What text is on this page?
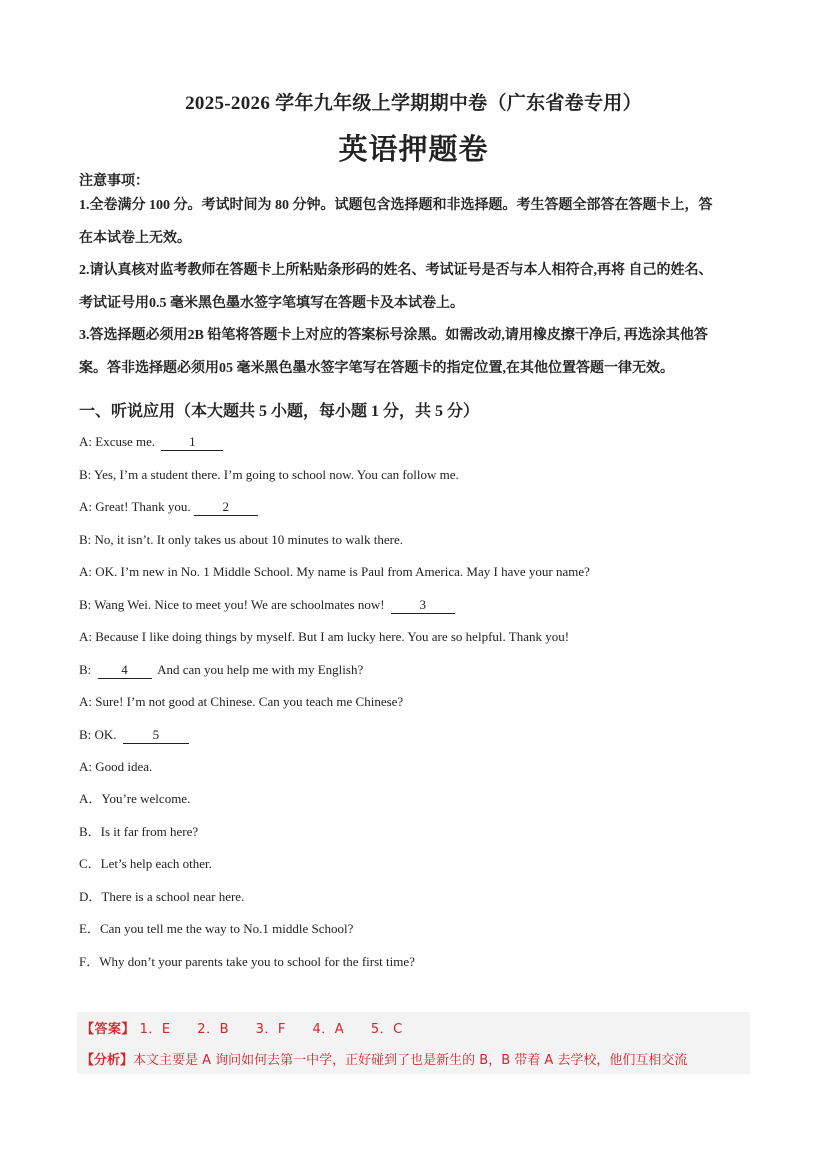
2025-2026 学年九年级上学期期中卷（广东省卷专用）
英语押题卷
注意事项：
1.全卷满分 100 分。考试时间为 80 分钟。试题包含选择题和非选择题。考生答题全部答在答题卡上，答
在本试卷上无效。
2.请认真核对监考教师在答题卡上所粘贴条形码的姓名、考试证号是否与本人相符合,再将 自己的姓名、
考试证号用0.5 毫米黑色墨水签字笔填写在答题卡及本试卷上。
3.答选择题必须用2B 铅笔将答题卡上对应的答案标号涂黑。如需改动,请用橡皮擦干净后, 再选涂其他答
案。答非选择题必须用05 毫米黑色墨水签字笔写在答题卡的指定位置,在其他位置答题一律无效。
一、听说应用（本大题共 5 小题，每小题 1 分，共 5 分）
A: Excuse me. 1
B: Yes, I’m a student there. I’m going to school now. You can follow me.
A: Great! Thank you. 2
B: No, it isn’t. It only takes us about 10 minutes to walk there.
A: OK. I’m new in No. 1 Middle School. My name is Paul from America. May I have your name?
B: Wang Wei. Nice to meet you! We are schoolmates now! 3
A: Because I like doing things by myself. But I am lucky here. You are so helpful. Thank you!
B: 4 And can you help me with my English?
A: Sure! I’m not good at Chinese. Can you teach me Chinese?
B: OK.	5
A: Good idea.
A．You’re welcome.
B．Is it far from here?
C．Let’s help each other.
D．There is a school near here.
E．Can you tell me the way to No.1 middle School?
F．Why don’t your parents take you to school for the first time?
【答案】 1．E 2．B 3．F 4．A 5．C
【分析】本文主要是 A 询问如何去第一中学，正好碰到了也是新生的 B，B 带着 A 去学校，他们互相交流
